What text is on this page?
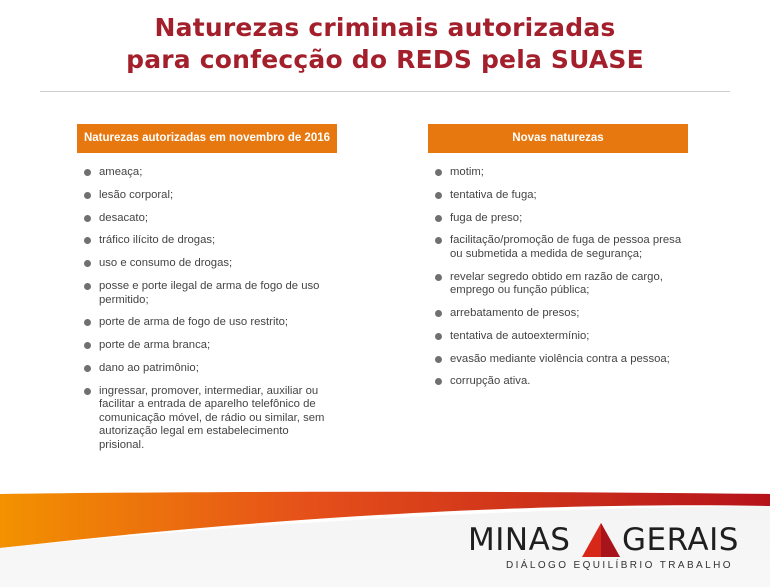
Naturezas criminais autorizadas
para confecção do REDS pela SUASE
Naturezas autorizadas em novembro de 2016	Novas naturezas
ameaça;
lesão corporal;
desacato;
tráfico ilícito de drogas;
uso e consumo de drogas;
posse e porte ilegal de arma de fogo de uso permitido;
porte de arma de fogo de uso restrito;
porte de arma branca;
dano ao patrimônio;
ingressar, promover, intermediar, auxiliar ou facilitar a entrada de aparelho telefônico de comunicação móvel, de rádio ou similar, sem autorização legal em estabelecimento prisional.
motim;
tentativa de fuga;
fuga de preso;
facilitação/promoção de fuga de pessoa presa ou submetida a medida de segurança;
revelar segredo obtido em razão de cargo, emprego ou função pública;
arrebatamento de presos;
tentativa de autoextermínio;
evasão mediante violência contra a pessoa;
corrupção ativa.
MINAS GERAIS
DIÁLOGO EQUILÍBRIO TRABALHO
